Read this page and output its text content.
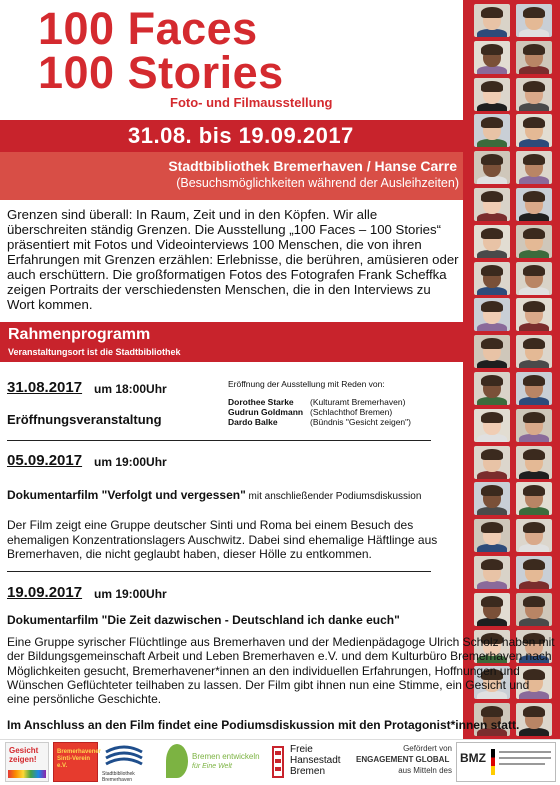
100 Faces
100 Stories
Foto- und Filmausstellung
31.08. bis 19.09.2017
Stadtbibliothek Bremerhaven / Hanse Carre
(Besuchsmöglichkeiten während der Ausleihzeiten)
Grenzen sind überall: In Raum, Zeit und in den Köpfen. Wir alle überschreiten ständig Grenzen. Die Ausstellung „100 Faces – 100 Stories“ präsentiert mit Fotos und Videointerviews 100 Menschen, die von ihren Erfahrungen mit Grenzen erzählen: Erlebnisse, die berühren, amüsieren oder auch erschüttern. Die großformatigen Fotos des Fotografen Frank Scheffka zeigen Portraits der verschiedensten Menschen, die in den Interviews zu Wort kommen.
Rahmenprogramm
Veranstaltungsort ist die Stadtbibliothek
31.08.2017 um 18:00Uhr
Eröffnungsveranstaltung
Eröffnung der Ausstellung mit Reden von:
Dorothee Starke (Kulturamt Bremerhaven)
Gudrun Goldmann (Schlachthof Bremen)
Dardo Balke	(Bündnis "Gesicht zeigen")
05.09.2017 um 19:00Uhr
Dokumentarfilm "Verfolgt und vergessen" mit anschließender Podiumsdiskussion
Der Film zeigt eine Gruppe deutscher Sinti und Roma bei einem Besuch des ehemaligen Konzentrationslagers Auschwitz. Dabei sind ehemalige Häftlinge aus Bremerhaven, die nicht geglaubt haben, dieser Hölle zu entkommen.
19.09.2017 um 19:00Uhr
Dokumentarfilm "Die Zeit dazwischen - Deutschland ich danke euch"
Eine Gruppe syrischer Flüchtlinge aus Bremerhaven und der Medienpädagoge Ulrich Scholz haben mit der Bildungsgemeinschaft Arbeit und Leben Bremerhaven e.V. und dem Kulturbüro Bremerhaven nach Möglichkeiten gesucht, Bremerhavener*innen an den individuellen Erfahrungen, Hoffnungen und Wünschen Geflüchteter teilhaben zu lassen. Der Film gibt ihnen nun eine Stimme, ein Gesicht und eine persönliche Geschichte.
Im Anschluss an den Film findet eine Podiumsdiskussion mit den Protagonist*innen statt.
Gesicht zeigen!
Bremerhavener Sinti-Verein e.V.
Stadtbibliothek Bremerhaven
Bremen entwickeln
für Eine Welt
Freie
Hansestadt
Bremen
Gefördert von
ENGAGEMENT GLOBAL
aus Mitteln des
BMZ
